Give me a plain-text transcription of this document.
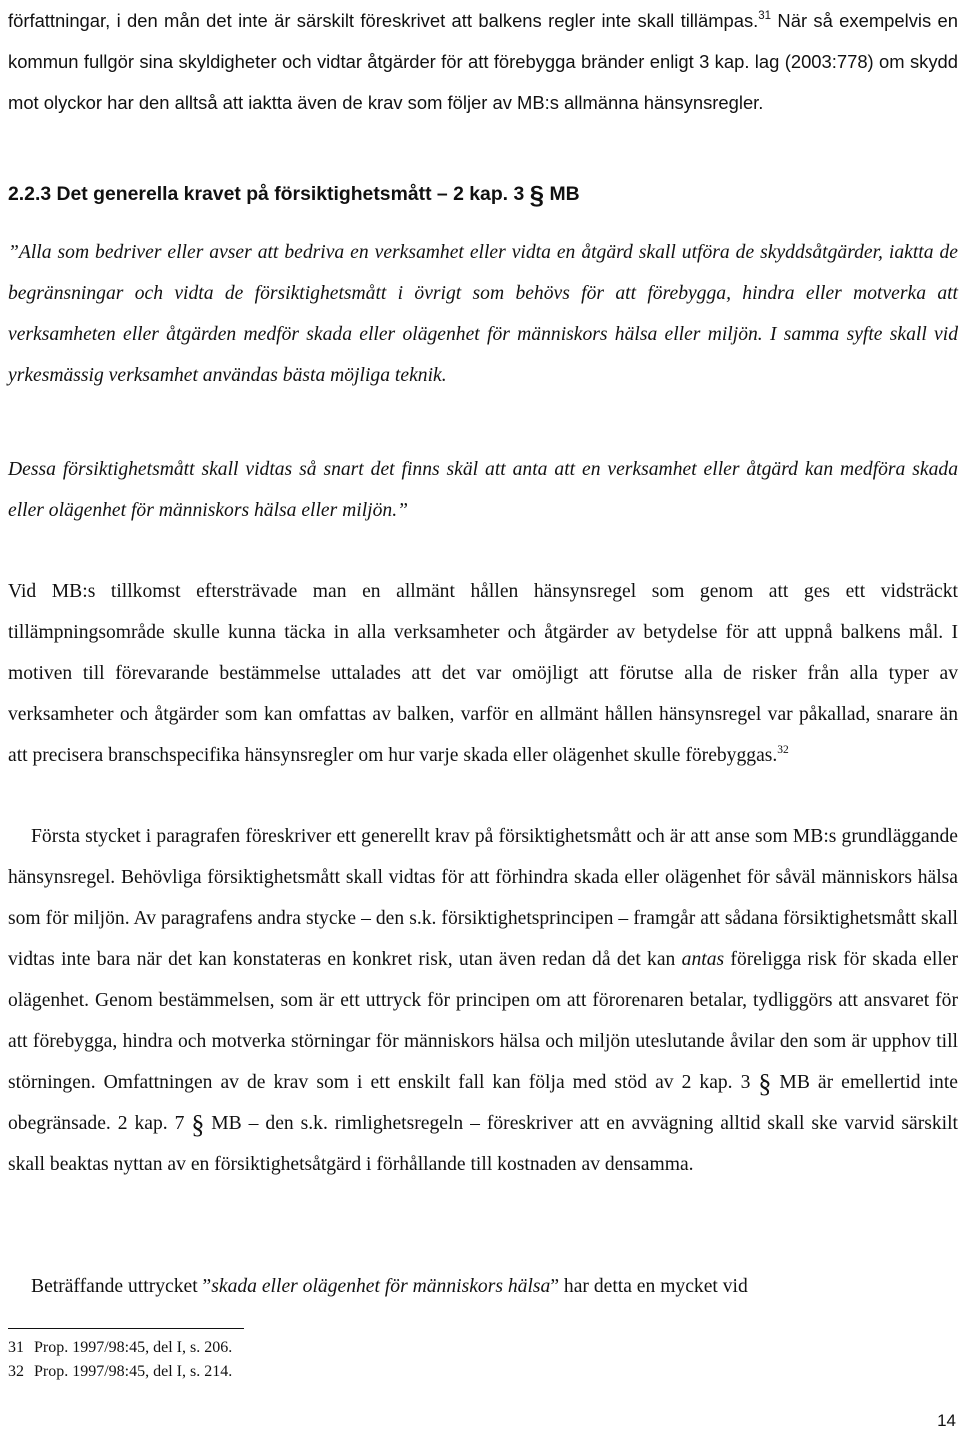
författningar, i den mån det inte är särskilt föreskrivet att balkens regler inte skall tillämpas.$^{31}$ När så exempelvis en kommun fullgör sina skyldigheter och vidtar åtgärder för att förebygga bränder enligt 3 kap. lag (2003:778) om skydd mot olyckor har den alltså att iaktta även de krav som följer av MB:s allmänna hänsynsregler.

2.2.3 Det generella kravet på försiktighetsmått – 2 kap. 3 § MB

”Alla som bedriver eller avser att bedriva en verksamhet eller vidta en åtgärd skall utföra de skyddsåtgärder, iaktta de begränsningar och vidta de försiktighetsmått i övrigt som behövs för att förebygga, hindra eller motverka att verksamheten eller åtgärden medför skada eller olägenhet för människors hälsa eller miljön. I samma syfte skall vid yrkesmässig verksamhet användas bästa möjliga teknik.

Dessa försiktighetsmått skall vidtas så snart det finns skäl att anta att en verksamhet eller åtgärd kan medföra skada eller olägenhet för människors hälsa eller miljön.”

Vid MB:s tillkomst eftersträvade man en allmänt hållen hänsynsregel som genom att ges ett vidsträckt tillämpningsområde skulle kunna täcka in alla verksamheter och åtgärder av betydelse för att uppnå balkens mål. I motiven till förevarande bestämmelse uttalades att det var omöjligt att förutse alla de risker från alla typer av verksamheter och åtgärder som kan omfattas av balken, varför en allmänt hållen hänsynsregel var påkallad, snarare än att precisera branschspecifika hänsynsregler om hur varje skada eller olägenhet skulle förebyggas.$^{32}$

Första stycket i paragrafen föreskriver ett generellt krav på försiktighetsmått och är att anse som MB:s grundläggande hänsynsregel. Behövliga försiktighetsmått skall vidtas för att förhindra skada eller olägenhet för såväl människors hälsa som för miljön. Av paragrafens andra stycke – den s.k. försiktighetsprincipen – framgår att sådana försiktighetsmått skall vidtas inte bara när det kan konstateras en konkret risk, utan även redan då det kan antas föreligga risk för skada eller olägenhet. Genom bestämmelsen, som är ett uttryck för principen om att förorenaren betalar, tydliggörs att ansvaret för att förebygga, hindra och motverka störningar för människors hälsa och miljön uteslutande åvilar den som är upphov till störningen. Omfattningen av de krav som i ett enskilt fall kan följa med stöd av 2 kap. 3 § MB är emellertid inte obegränsade. 2 kap. 7 § MB – den s.k. rimlighetsregeln – föreskriver att en avvägning alltid skall ske varvid särskilt skall beaktas nyttan av en försiktighetsåtgärd i förhållande till kostnaden av densamma.

Beträffande uttrycket ”skada eller olägenhet för människors hälsa” har detta en mycket vid

31 Prop. 1997/98:45, del I, s. 206.
32 Prop. 1997/98:45, del I, s. 214.
14
